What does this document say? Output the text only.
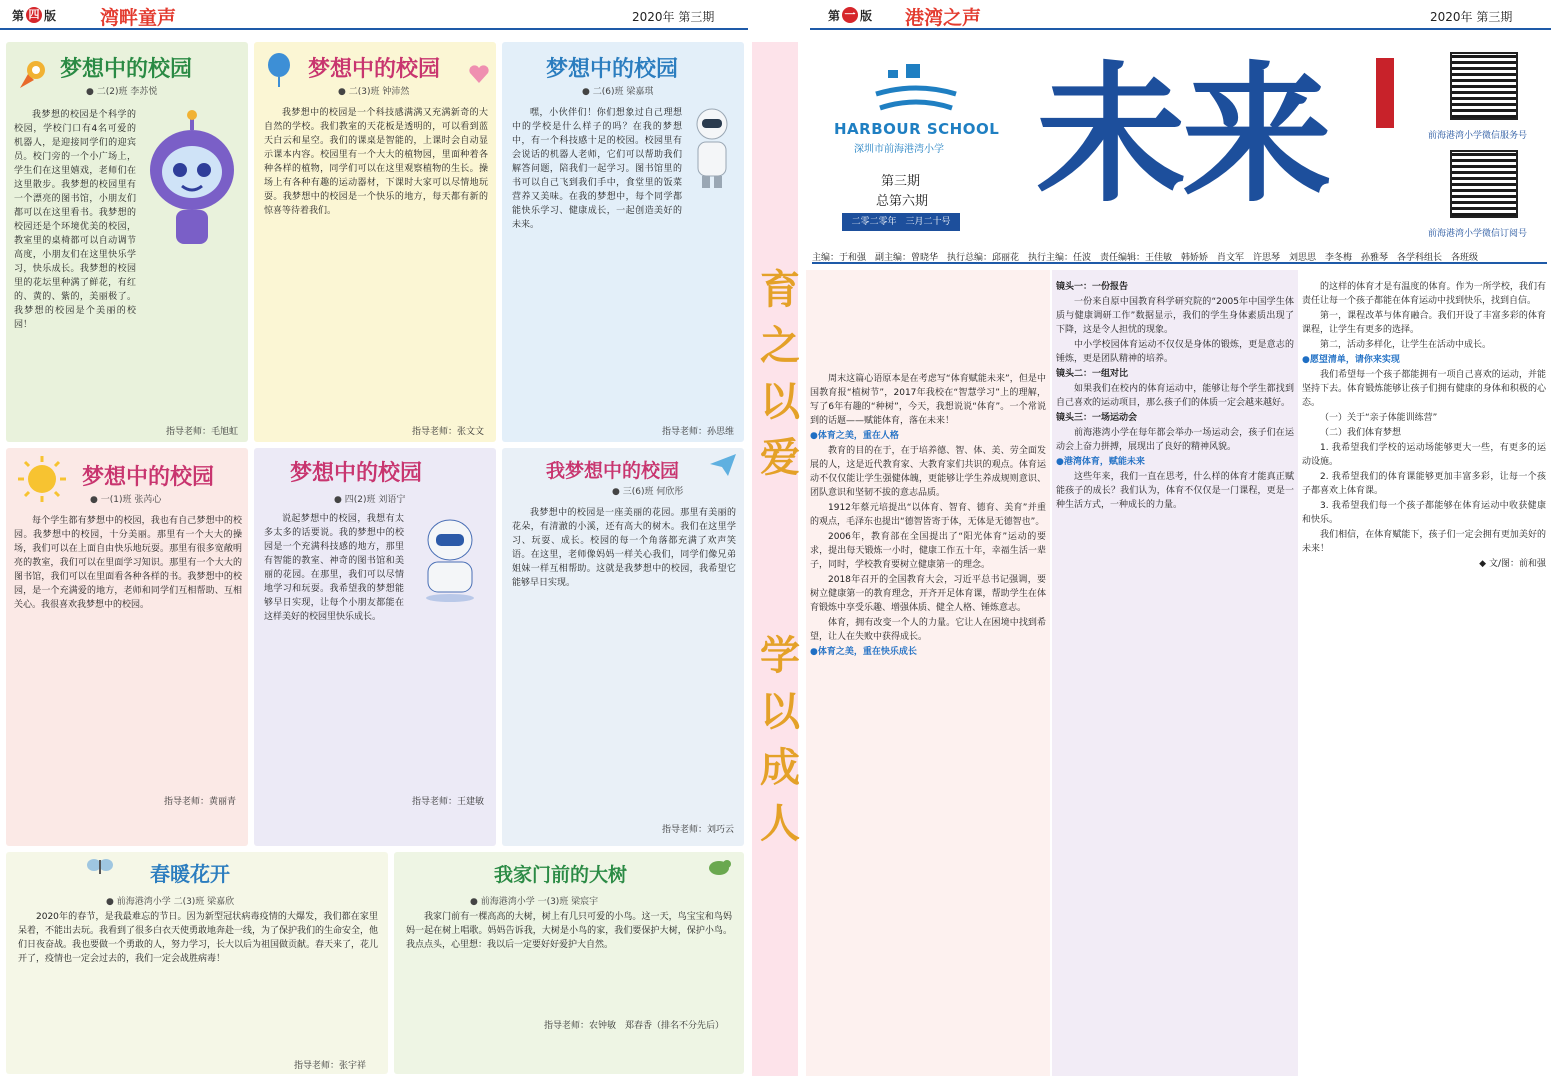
第 四 版 湾畔童声	2020年 第三期	第 一 版 港湾之声	2020年 第三期
梦想中的校园
● 二(2)班 李苏悦
我梦想的校园是个科学的校园，学校门口有4名可爱的机器人，是迎接同学们的迎宾员。校门旁的一个小广场上，学生们在这里嬉戏，老师们在这里散步。我梦想的校园里有一个漂亮的图书馆，小朋友们都可以在这里看书。我梦想的校园还是个环境优美的校园，教室里的桌椅都可以自动调节高度，小朋友们在这里快乐学习，快乐成长。我梦想的校园里的花坛里种满了鲜花，有红的、黄的、紫的，美丽极了。我梦想的校园是个美丽的校园！
指导老师：毛旭虹
梦想中的校园
● 二(3)班 钟沛然
我梦想中的校园是一个科技感满满又充满新奇的大自然的学校。我们教室的天花板是透明的，可以看到蓝天白云和星空。我们的课桌是智能的，上课时会自动显示课本内容。校园里有一个大大的植物园，里面种着各种各样的植物，同学们可以在这里观察植物的生长。操场上有各种有趣的运动器材，下课时大家可以尽情地玩耍。我梦想中的校园是一个快乐的地方，每天都有新的惊喜等待着我们。
指导老师：张文文
梦想中的校园
● 二(6)班 梁嘉琪
嘿，小伙伴们！你们想象过自己理想中的学校是什么样子的吗？在我的梦想中，有一个科技感十足的校园。校园里有会说话的机器人老师，它们可以帮助我们解答问题，陪我们一起学习。图书馆里的书可以自己飞到我们手中，食堂里的饭菜营养又美味。在我的梦想中，每个同学都能快乐学习、健康成长，一起创造美好的未来。
指导老师：孙思维
梦想中的校园
● 一(1)班 张芮心
每个学生都有梦想中的校园，我也有自己梦想中的校园。我梦想中的校园，十分美丽。那里有一个大大的操场，我们可以在上面自由快乐地玩耍。那里有很多宽敞明亮的教室，我们可以在里面学习知识。那里有一个大大的图书馆，我们可以在里面看各种各样的书。我梦想中的校园，是一个充满爱的地方，老师和同学们互相帮助、互相关心。我很喜欢我梦想中的校园。
指导老师：黄丽青
梦想中的校园
● 四(2)班 刘语宁
说起梦想中的校园，我想有太多太多的话要说。我的梦想中的校园是一个充满科技感的地方，那里有智能的教室、神奇的图书馆和美丽的花园。在那里，我们可以尽情地学习和玩耍。我希望我的梦想能够早日实现，让每个小朋友都能在这样美好的校园里快乐成长。
指导老师：王建敏
我梦想中的校园
● 三(6)班 何欣彤
我梦想中的校园是一座美丽的花园。那里有美丽的花朵，有清澈的小溪，还有高大的树木。我们在这里学习、玩耍、成长。校园的每一个角落都充满了欢声笑语。在这里，老师像妈妈一样关心我们，同学们像兄弟姐妹一样互相帮助。这就是我梦想中的校园，我希望它能够早日实现。
指导老师：刘巧云
春暖花开
● 前海港湾小学 二(3)班 梁嘉欣
2020年的春节，是我最难忘的节日。因为新型冠状病毒疫情的大爆发，我们都在家里呆着，不能出去玩。我看到了很多白衣天使勇敢地奔赴一线，为了保护我们的生命安全，他们日夜奋战。我也要做一个勇敢的人，努力学习，长大以后为祖国做贡献。春天来了，花儿开了，疫情也一定会过去的，我们一定会战胜病毒！
指导老师：张宇祥
我家门前的大树
● 前海港湾小学 一(3)班 梁宸宇
我家门前有一棵高高的大树，树上有几只可爱的小鸟。这一天，鸟宝宝和鸟妈妈一起在树上唱歌。妈妈告诉我，大树是小鸟的家，我们要保护大树，保护小鸟。我点点头，心里想：我以后一定要好好爱护大自然。
指导老师：农钟敏　郑春香（排名不分先后）
育
之
以
爱
学
以
成
人
HARBOUR SCHOOL
深圳市前海港湾小学
第三期
总第六期
二零二零年　三月二十号 未来	前海港湾小学微信服务号
前海港湾小学微信订阅号
主编：于和强　副主编：曾晓华　执行总编：邱丽花　执行主编：任波　责任编辑：王佳敏　韩娇娇　肖文军　许思琴　刘思思　李冬梅　孙雅琴　各学科组长　各班级

周末这篇心语原本是在考虑写“体育赋能未来”，但是中国教育报“植树节”，2017年我校在“智慧学习”上的理解，写了6年有趣的“种树”，今天，我想说说“体育”。一个常说到的话题——赋能体育，落在未来！

●体育之美，重在人格

教育的目的在于，在于培养德、智、体、美、劳全面发展的人，这是近代教育家、大教育家们共识的观点。体育运动不仅仅能让学生强健体魄，更能够让学生养成规则意识、团队意识和坚韧不拔的意志品质。

1912年蔡元培提出“以体育、智育、德育、美育”并重的观点，毛泽东也提出“德智皆寄于体，无体是无德智也”。

2006年，教育部在全国提出了“阳光体育”运动的要求，提出每天锻炼一小时，健康工作五十年，幸福生活一辈子，同时，学校教育要树立健康第一的理念。

2018年召开的全国教育大会，习近平总书记强调，要树立健康第一的教育理念，开齐开足体育课，帮助学生在体育锻炼中享受乐趣、增强体质、健全人格、锤炼意志。

体育，拥有改变一个人的力量。它让人在困境中找到希望，让人在失败中获得成长。

●体育之美，重在快乐成长

镜头一：一份报告

一份来自原中国教育科学研究院的“2005年中国学生体质与健康调研工作”数据显示，我们的学生身体素质出现了下降，这是令人担忧的现象。

中小学校园体育运动不仅仅是身体的锻炼，更是意志的锤炼，更是团队精神的培养。

镜头二：一组对比

如果我们在校内的体育运动中，能够让每个学生都找到自己喜欢的运动项目，那么孩子们的体质一定会越来越好。

镜头三：一场运动会

前海港湾小学在每年都会举办一场运动会，孩子们在运动会上奋力拼搏，展现出了良好的精神风貌。

●港湾体育，赋能未来

这些年来，我们一直在思考，什么样的体育才能真正赋能孩子的成长？我们认为，体育不仅仅是一门课程，更是一种生活方式，一种成长的力量。

的这样的体育才是有温度的体育。作为一所学校，我们有责任让每一个孩子都能在体育运动中找到快乐，找到自信。

第一，课程改革与体育融合。我们开设了丰富多彩的体育课程，让学生有更多的选择。

第二，活动多样化，让学生在活动中成长。

●愿望清单，请你来实现

我们希望每一个孩子都能拥有一项自己喜欢的运动，并能坚持下去。体育锻炼能够让孩子们拥有健康的身体和积极的心态。

（一）关于“亲子体能训练营”

（二）我们体育梦想

1. 我希望我们学校的运动场能够更大一些，有更多的运动设施。

2. 我希望我们的体育课能够更加丰富多彩，让每一个孩子都喜欢上体育课。

3. 我希望我们每一个孩子都能够在体育运动中收获健康和快乐。

我们相信，在体育赋能下，孩子们一定会拥有更加美好的未来！

◆ 文/图：前和强
